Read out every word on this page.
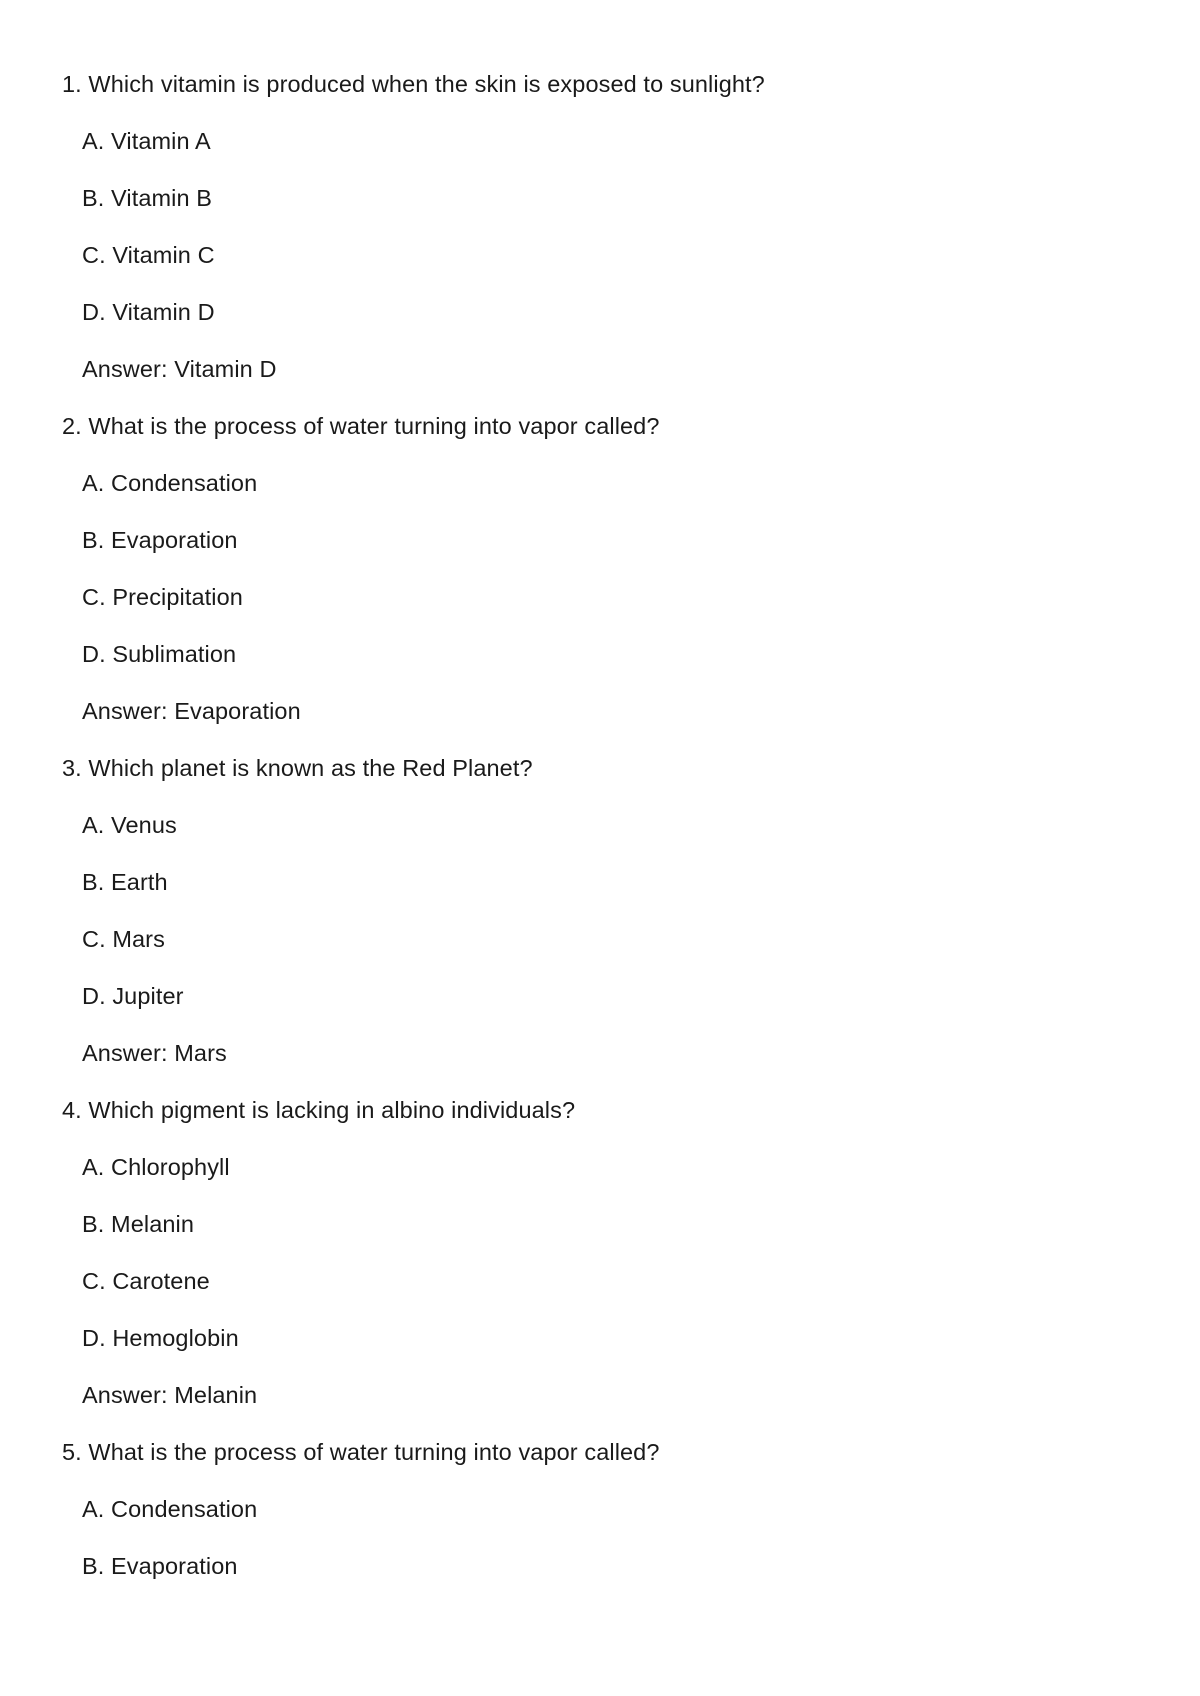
1. Which vitamin is produced when the skin is exposed to sunlight?
A. Vitamin A
B. Vitamin B
C. Vitamin C
D. Vitamin D
Answer: Vitamin D
2. What is the process of water turning into vapor called?
A. Condensation
B. Evaporation
C. Precipitation
D. Sublimation
Answer: Evaporation
3. Which planet is known as the Red Planet?
A. Venus
B. Earth
C. Mars
D. Jupiter
Answer: Mars
4. Which pigment is lacking in albino individuals?
A. Chlorophyll
B. Melanin
C. Carotene
D. Hemoglobin
Answer: Melanin
5. What is the process of water turning into vapor called?
A. Condensation
B. Evaporation
